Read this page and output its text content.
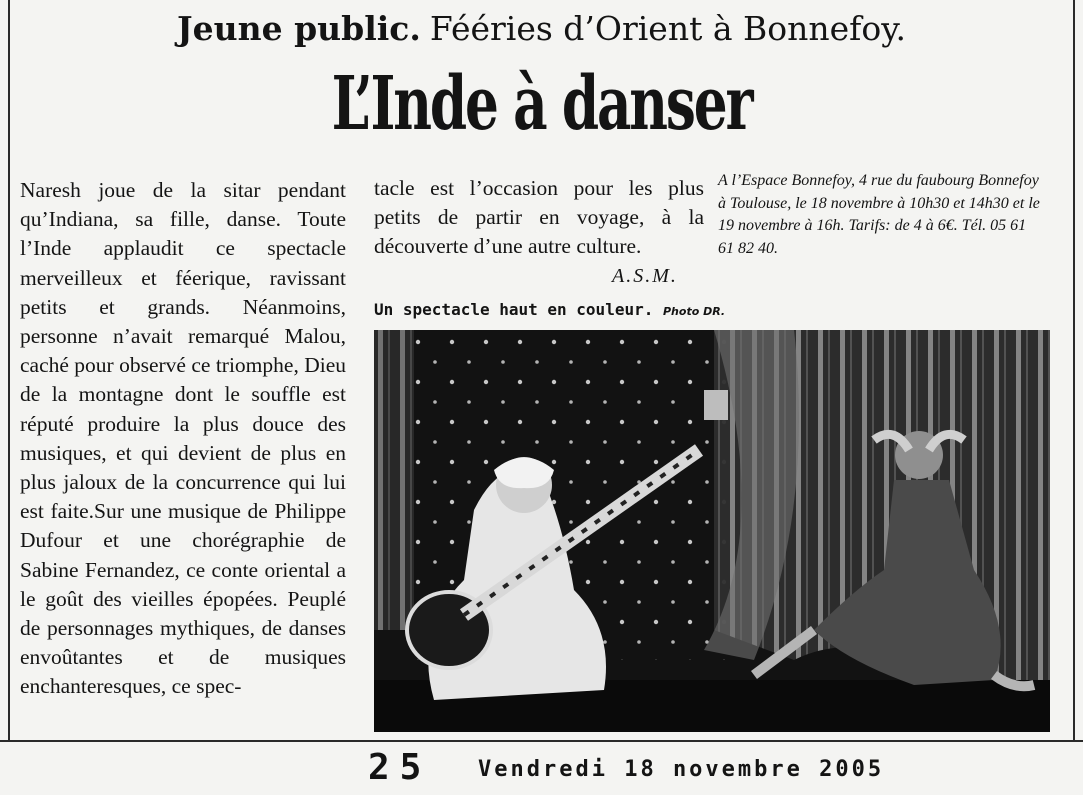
Jeune public. Fééries d’Orient à Bonnefoy.
L’Inde à danser

Naresh joue de la sitar pendant qu’Indiana, sa fille, danse. Toute l’Inde applaudit ce spectacle merveilleux et féerique, ravissant petits et grands. Néanmoins, personne n’avait remarqué Malou, caché pour observé ce triomphe, Dieu de la montagne dont le souffle est réputé produire la plus douce des musiques, et qui devient de plus en plus jaloux de la concurrence qui lui est faite.Sur une musique de Philippe Dufour et une chorégraphie de Sabine Fernandez, ce conte oriental a le goût des vieilles épopées. Peuplé de personnages mythiques, de danses envoûtantes et de musiques enchanteresques, ce spec-

tacle est l’occasion pour les plus petits de partir en voyage, à la découverte d’une autre culture.

A.S.M.
A l’Espace Bonnefoy, 4 rue du faubourg Bonnefoy à Toulouse, le 18 novembre à 10h30 et 14h30 et le 19 novembre à 16h. Tarifs: de 4 à 6€. Tél. 05 61 61 82 40.
Un spectacle haut en couleur. Photo DR.
25 Vendredi 18 novembre 2005
